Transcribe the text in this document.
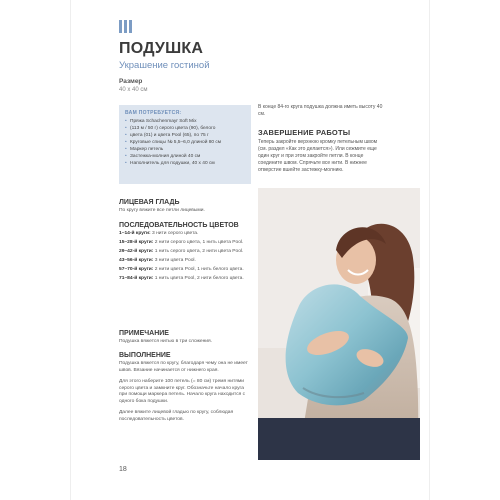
ПОДУШКА
Украшение гостиной
Размер
40 x 40 см
ВАМ ПОТРЕБУЕТСЯ:
• Пряжа Schachenmayr Soft Mix
• (113 м / 50 г) серого цвета (90), белого
• цвета (01) и цвета Pool (65), по 75 г
• Круговые спицы № 5,5–6,0 длиной 80 см
• Маркер петель
• Застежка-молния длиной 40 см
• Наполнитель для подушки, 40 x 40 см
В конце 84-го круга подушка должна иметь высоту 40 см.
ЗАВЕРШЕНИЕ РАБОТЫ
Теперь закройте верхнюю кромку петельным швом (см. раздел «Как это делается»). Или сежмите еще один круг и при этом закройте петли. В конце соедините швом. Спрячьте все нити. В нижнее отверстие вшейте застежку-молнию.
ЛИЦЕВАЯ ГЛАДЬ
По кругу вяжите все петли лицевыми.
ПОСЛЕДОВАТЕЛЬНОСТЬ ЦВЕТОВ
1–14-й круги: 3 нити серого цвета.
15–28-й круги: 2 нити серого цвета, 1 нить цвета Pool.
29–42-й круги: 1 нить серого цвета, 2 нити цвета Pool.
43–56-й круги: 3 нити цвета Pool.
57–70-й круги: 2 нити цвета Pool, 1 нить белого цвета.
71–84-й круги: 1 нить цвета Pool, 2 нити белого цвета.
ПРИМЕЧАНИЕ
Подушка вяжется нитью в три сложения.
ВЫПОЛНЕНИЕ
Подушка вяжется по кругу, благодаря чему она не имеет швов. Вязание начинается от нижнего края.
Для этого наберите 100 петель (= 80 см) тремя нитями серого цвета и замкните круг. Обозначьте начало круга при помощи маркера петель. Начало круга находится с одного бока подушки.
Далее вяжите лицевой гладью по кругу, соблюдая последовательность цветов.
18
